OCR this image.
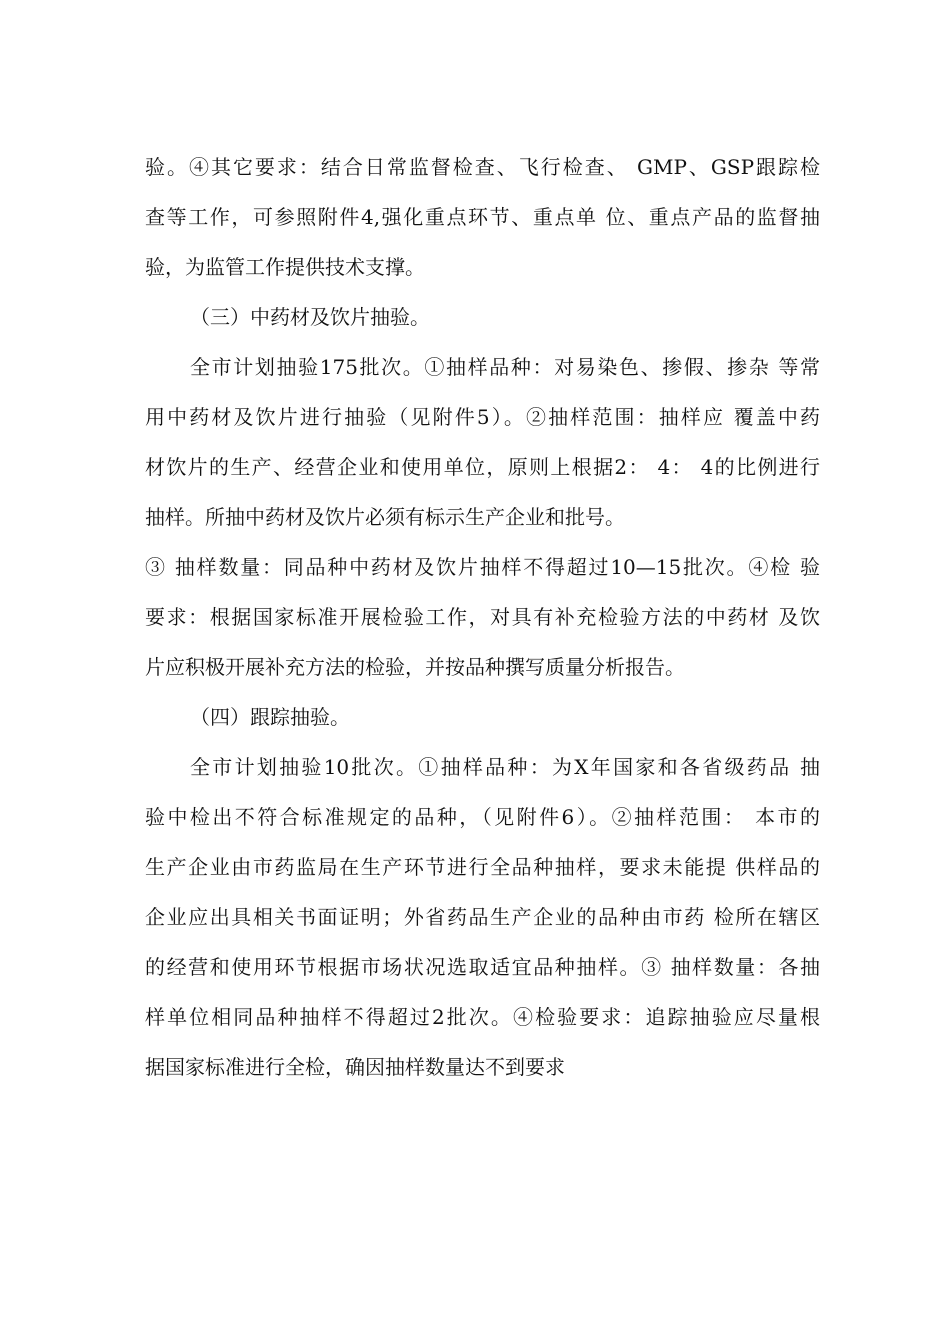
验。④其它要求：结合日常监督检查、飞行检查、 GMP、GSP跟踪检
查等工作，可参照附件4,强化重点环节、重点单 位、重点产品的监督抽
验，为监管工作提供技术支撑。
（三）中药材及饮片抽验。
全市计划抽验175批次。①抽样品种：对易染色、掺假、掺杂 等常
用中药材及饮片进行抽验（见附件5）。②抽样范围：抽样应 覆盖中药
材饮片的生产、经营企业和使用单位，原则上根据2： 4： 4的比例进行
抽样。所抽中药材及饮片必须有标示生产企业和批号。
③ 抽样数量：同品种中药材及饮片抽样不得超过10—15批次。④检 验
要求：根据国家标准开展检验工作，对具有补充检验方法的中药材 及饮
片应积极开展补充方法的检验，并按品种撰写质量分析报告。
（四）跟踪抽验。
全市计划抽验10批次。①抽样品种：为X年国家和各省级药品 抽
验中检出不符合标准规定的品种，（见附件6）。②抽样范围： 本市的
生产企业由市药监局在生产环节进行全品种抽样，要求未能提 供样品的
企业应出具相关书面证明；外省药品生产企业的品种由市药 检所在辖区
的经营和使用环节根据市场状况选取适宜品种抽样。③ 抽样数量：各抽
样单位相同品种抽样不得超过2批次。④检验要求：追踪抽验应尽量根
据国家标准进行全检，确因抽样数量达不到要求
